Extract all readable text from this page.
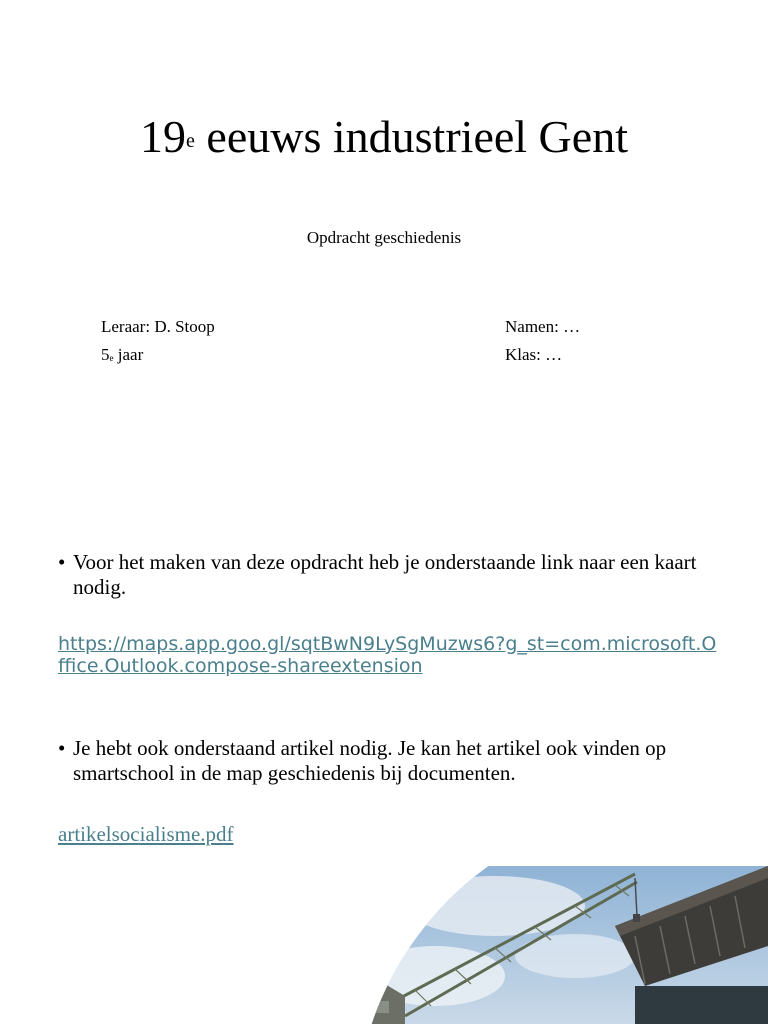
19e eeuws industrieel Gent
Opdracht geschiedenis
Leraar: D. Stoop
5e jaar
Namen: …
Klas: …

• Voor het maken van deze opdracht heb je onderstaande link naar een kaart nodig.

https://maps.app.goo.gl/sqtBwN9LySgMuzws6?g_st=com.microsoft.Office.Outlook.compose-shareextension

• Je hebt ook onderstaand artikel nodig. Je kan het artikel ook vinden op smartschool in de map geschiedenis bij documenten.

artikelsocialisme.pdf
